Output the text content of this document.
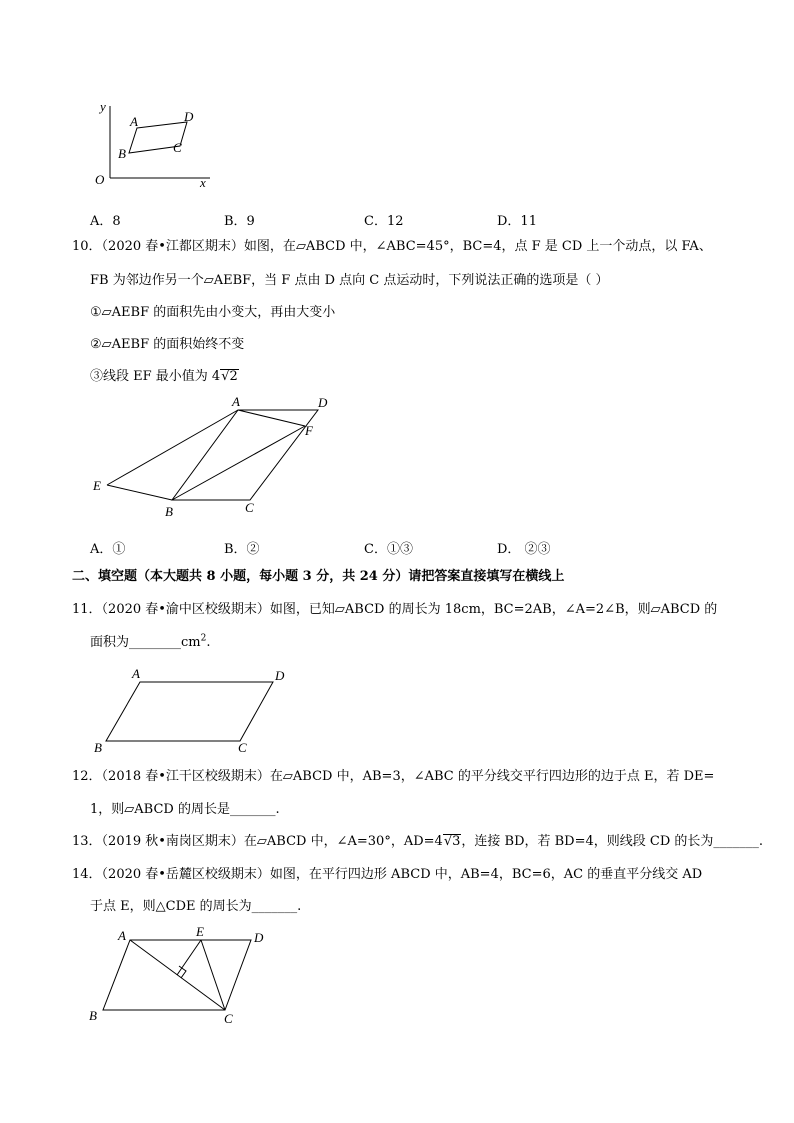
y
x
O
A
B	C
D
A．8	B．9	C．12	D．11
10．（2020 春•江都区期末）如图，在▱ABCD 中，∠ABC=45°，BC=4，点 F 是 CD 上一个动点，以 FA、
FB 为邻边作另一个▱AEBF，当 F 点由 D 点向 C 点运动时，下列说法正确的选项是（ ）
①▱AEBF 的面积先由小变大，再由大变小
②▱AEBF 的面积始终不变
③线段 EF 最小值为 4√2
A
B	C
D
E
F
A．①	B．②	C．①③	D． ②③
二、填空题（本大题共 8 小题，每小题 3 分，共 24 分）请把答案直接填写在横线上
11．（2020 春•渝中区校级期末）如图，已知▱ABCD 的周长为 18cm，BC=2AB，∠A=2∠B，则▱ABCD 的
面积为$\_\_\_\_\_\_\_\_cm^2$.
A
B	C
D
12．（2018 春•江干区校级期末）在▱ABCD 中，AB=3，∠ABC 的平分线交平行四边形的边于点 E，若 DE=
1，则▱ABCD 的周长是_______.
13．（2019 秋•南岗区期末）在▱ABCD 中，∠A=30°，AD=4√3，连接 BD，若 BD=4，则线段 CD 的长为_______.
14．（2020 春•岳麓区校级期末）如图，在平行四边形 ABCD 中，AB=4，BC=6，AC 的垂直平分线交 AD
于点 E，则△CDE 的周长为_______.
A
B	C
D
E
